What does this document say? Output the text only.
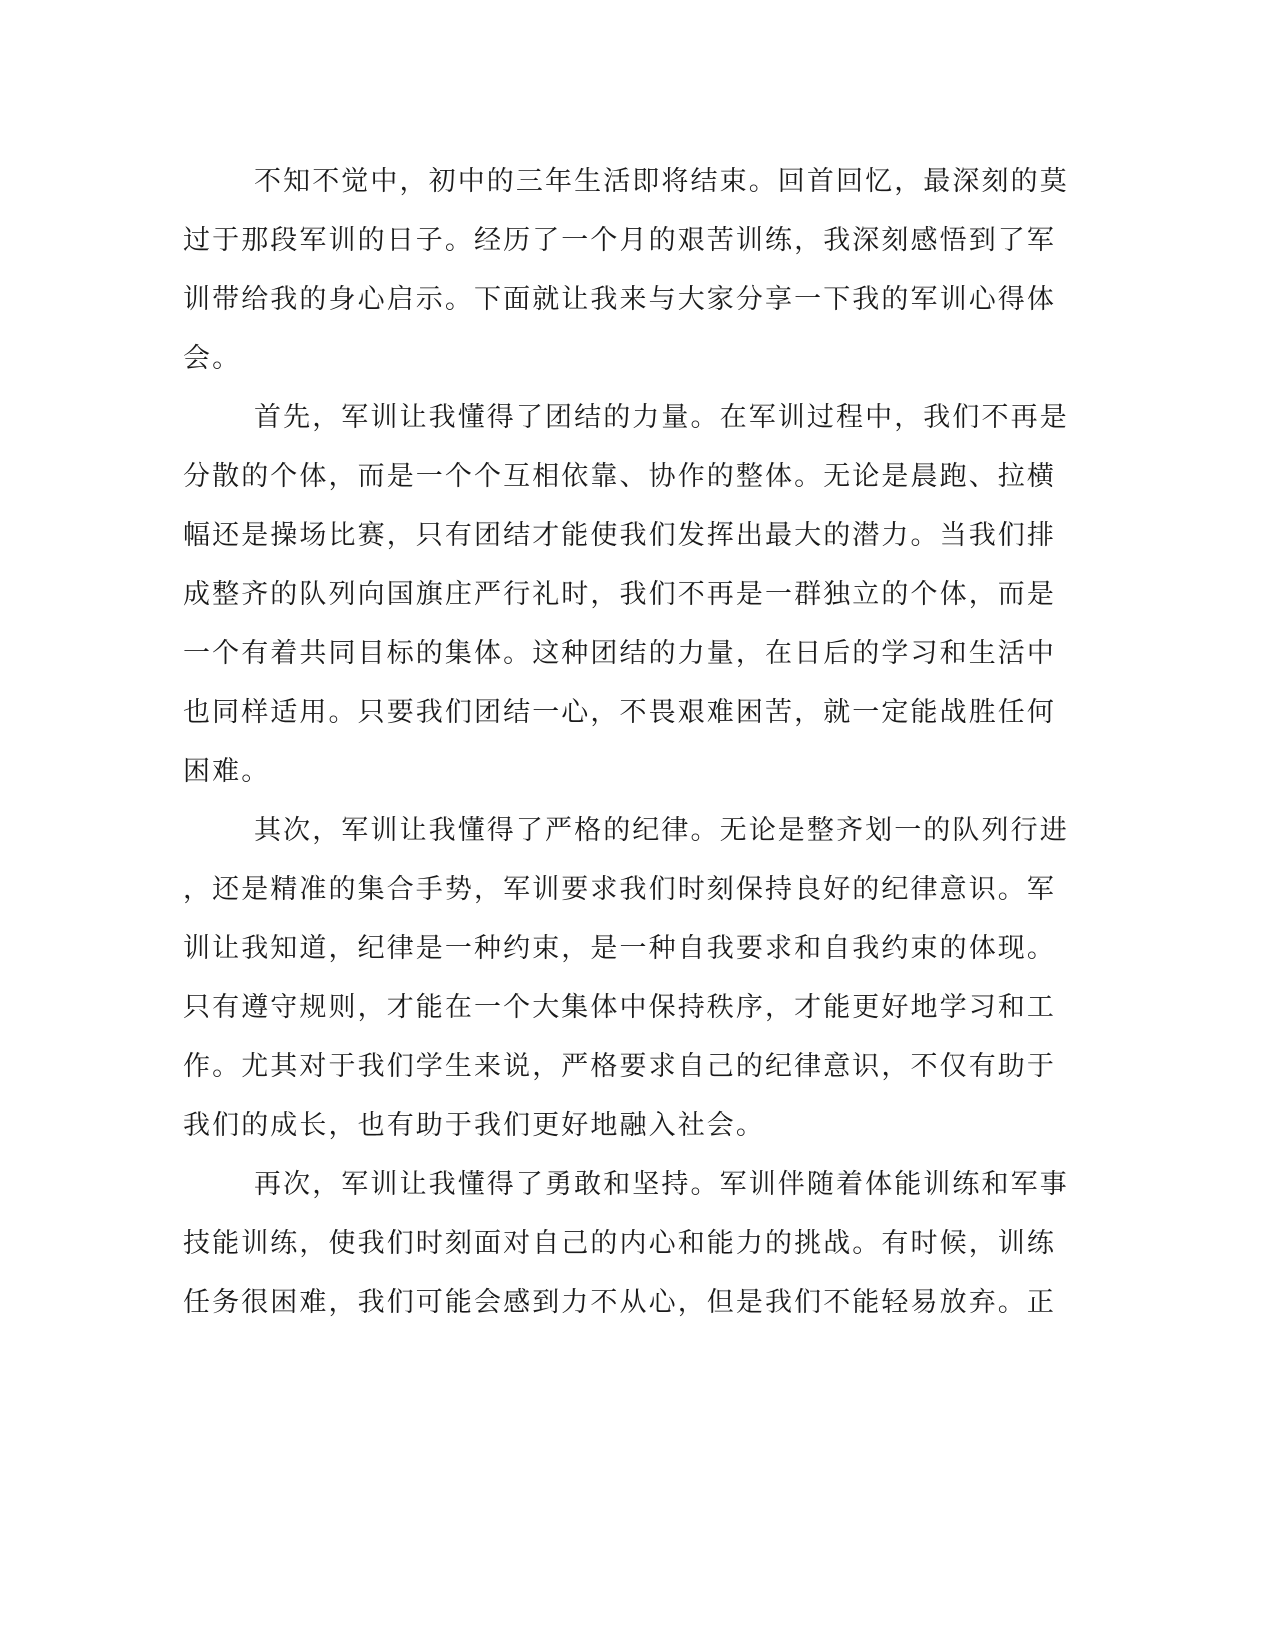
不知不觉中，初中的三年生活即将结束。回首回忆，最深刻的莫
过于那段军训的日子。经历了一个月的艰苦训练，我深刻感悟到了军
训带给我的身心启示。下面就让我来与大家分享一下我的军训心得体
会。
首先，军训让我懂得了团结的力量。在军训过程中，我们不再是
分散的个体，而是一个个互相依靠、协作的整体。无论是晨跑、拉横
幅还是操场比赛，只有团结才能使我们发挥出最大的潜力。当我们排
成整齐的队列向国旗庄严行礼时，我们不再是一群独立的个体，而是
一个有着共同目标的集体。这种团结的力量，在日后的学习和生活中
也同样适用。只要我们团结一心，不畏艰难困苦，就一定能战胜任何
困难。
其次，军训让我懂得了严格的纪律。无论是整齐划一的队列行进
，还是精准的集合手势，军训要求我们时刻保持良好的纪律意识。军
训让我知道，纪律是一种约束，是一种自我要求和自我约束的体现。
只有遵守规则，才能在一个大集体中保持秩序，才能更好地学习和工
作。尤其对于我们学生来说，严格要求自己的纪律意识，不仅有助于
我们的成长，也有助于我们更好地融入社会。
再次，军训让我懂得了勇敢和坚持。军训伴随着体能训练和军事
技能训练，使我们时刻面对自己的内心和能力的挑战。有时候，训练
任务很困难，我们可能会感到力不从心，但是我们不能轻易放弃。正
